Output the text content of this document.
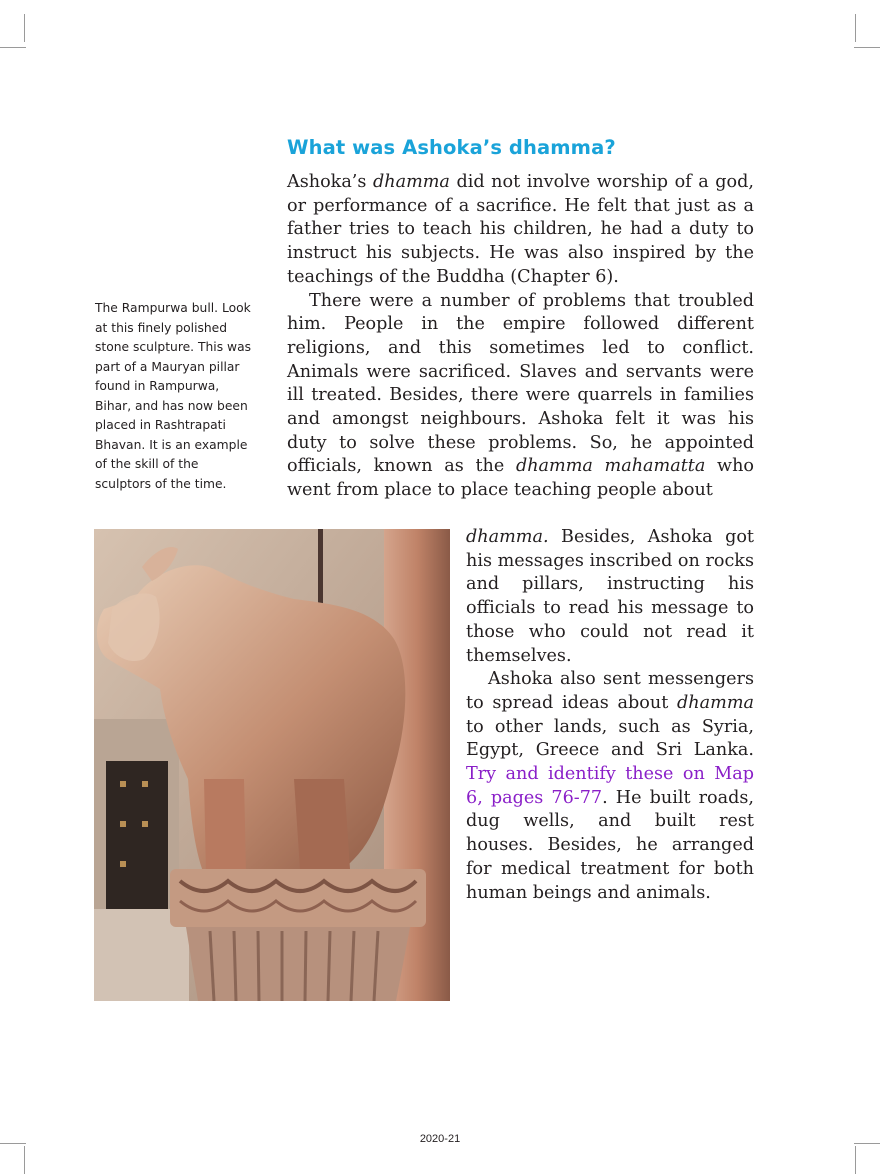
What was Ashoka’s dhamma?

The Rampurwa bull. Look at this finely polished stone sculpture. This was part of a Mauryan pillar found in Rampurwa, Bihar, and has now been placed in Rashtrapati Bhavan. It is an example of the skill of the sculptors of the time.

Ashoka’s dhamma did not involve worship of a god, or performance of a sacrifice. He felt that just as a father tries to teach his children, he had a duty to instruct his subjects. He was also inspired by the teachings of the Buddha (Chapter 6).

There were a number of problems that troubled him. People in the empire followed different religions, and this sometimes led to conflict. Animals were sacrificed. Slaves and servants were ill treated. Besides, there were quarrels in families and amongst neighbours. Ashoka felt it was his duty to solve these problems. So, he appointed officials, known as the dhamma mahamatta who went from place to place teaching people about

dhamma. Besides, Ashoka got his messages inscribed on rocks and pillars, instructing his officials to read his message to those who could not read it themselves.

Ashoka also sent messengers to spread ideas about dhamma to other lands, such as Syria, Egypt, Greece and Sri Lanka. Try and identify these on Map 6, pages 76-77. He built roads, dug wells, and built rest houses. Besides, he arranged for medical treatment for both human beings and animals.

2020-21
